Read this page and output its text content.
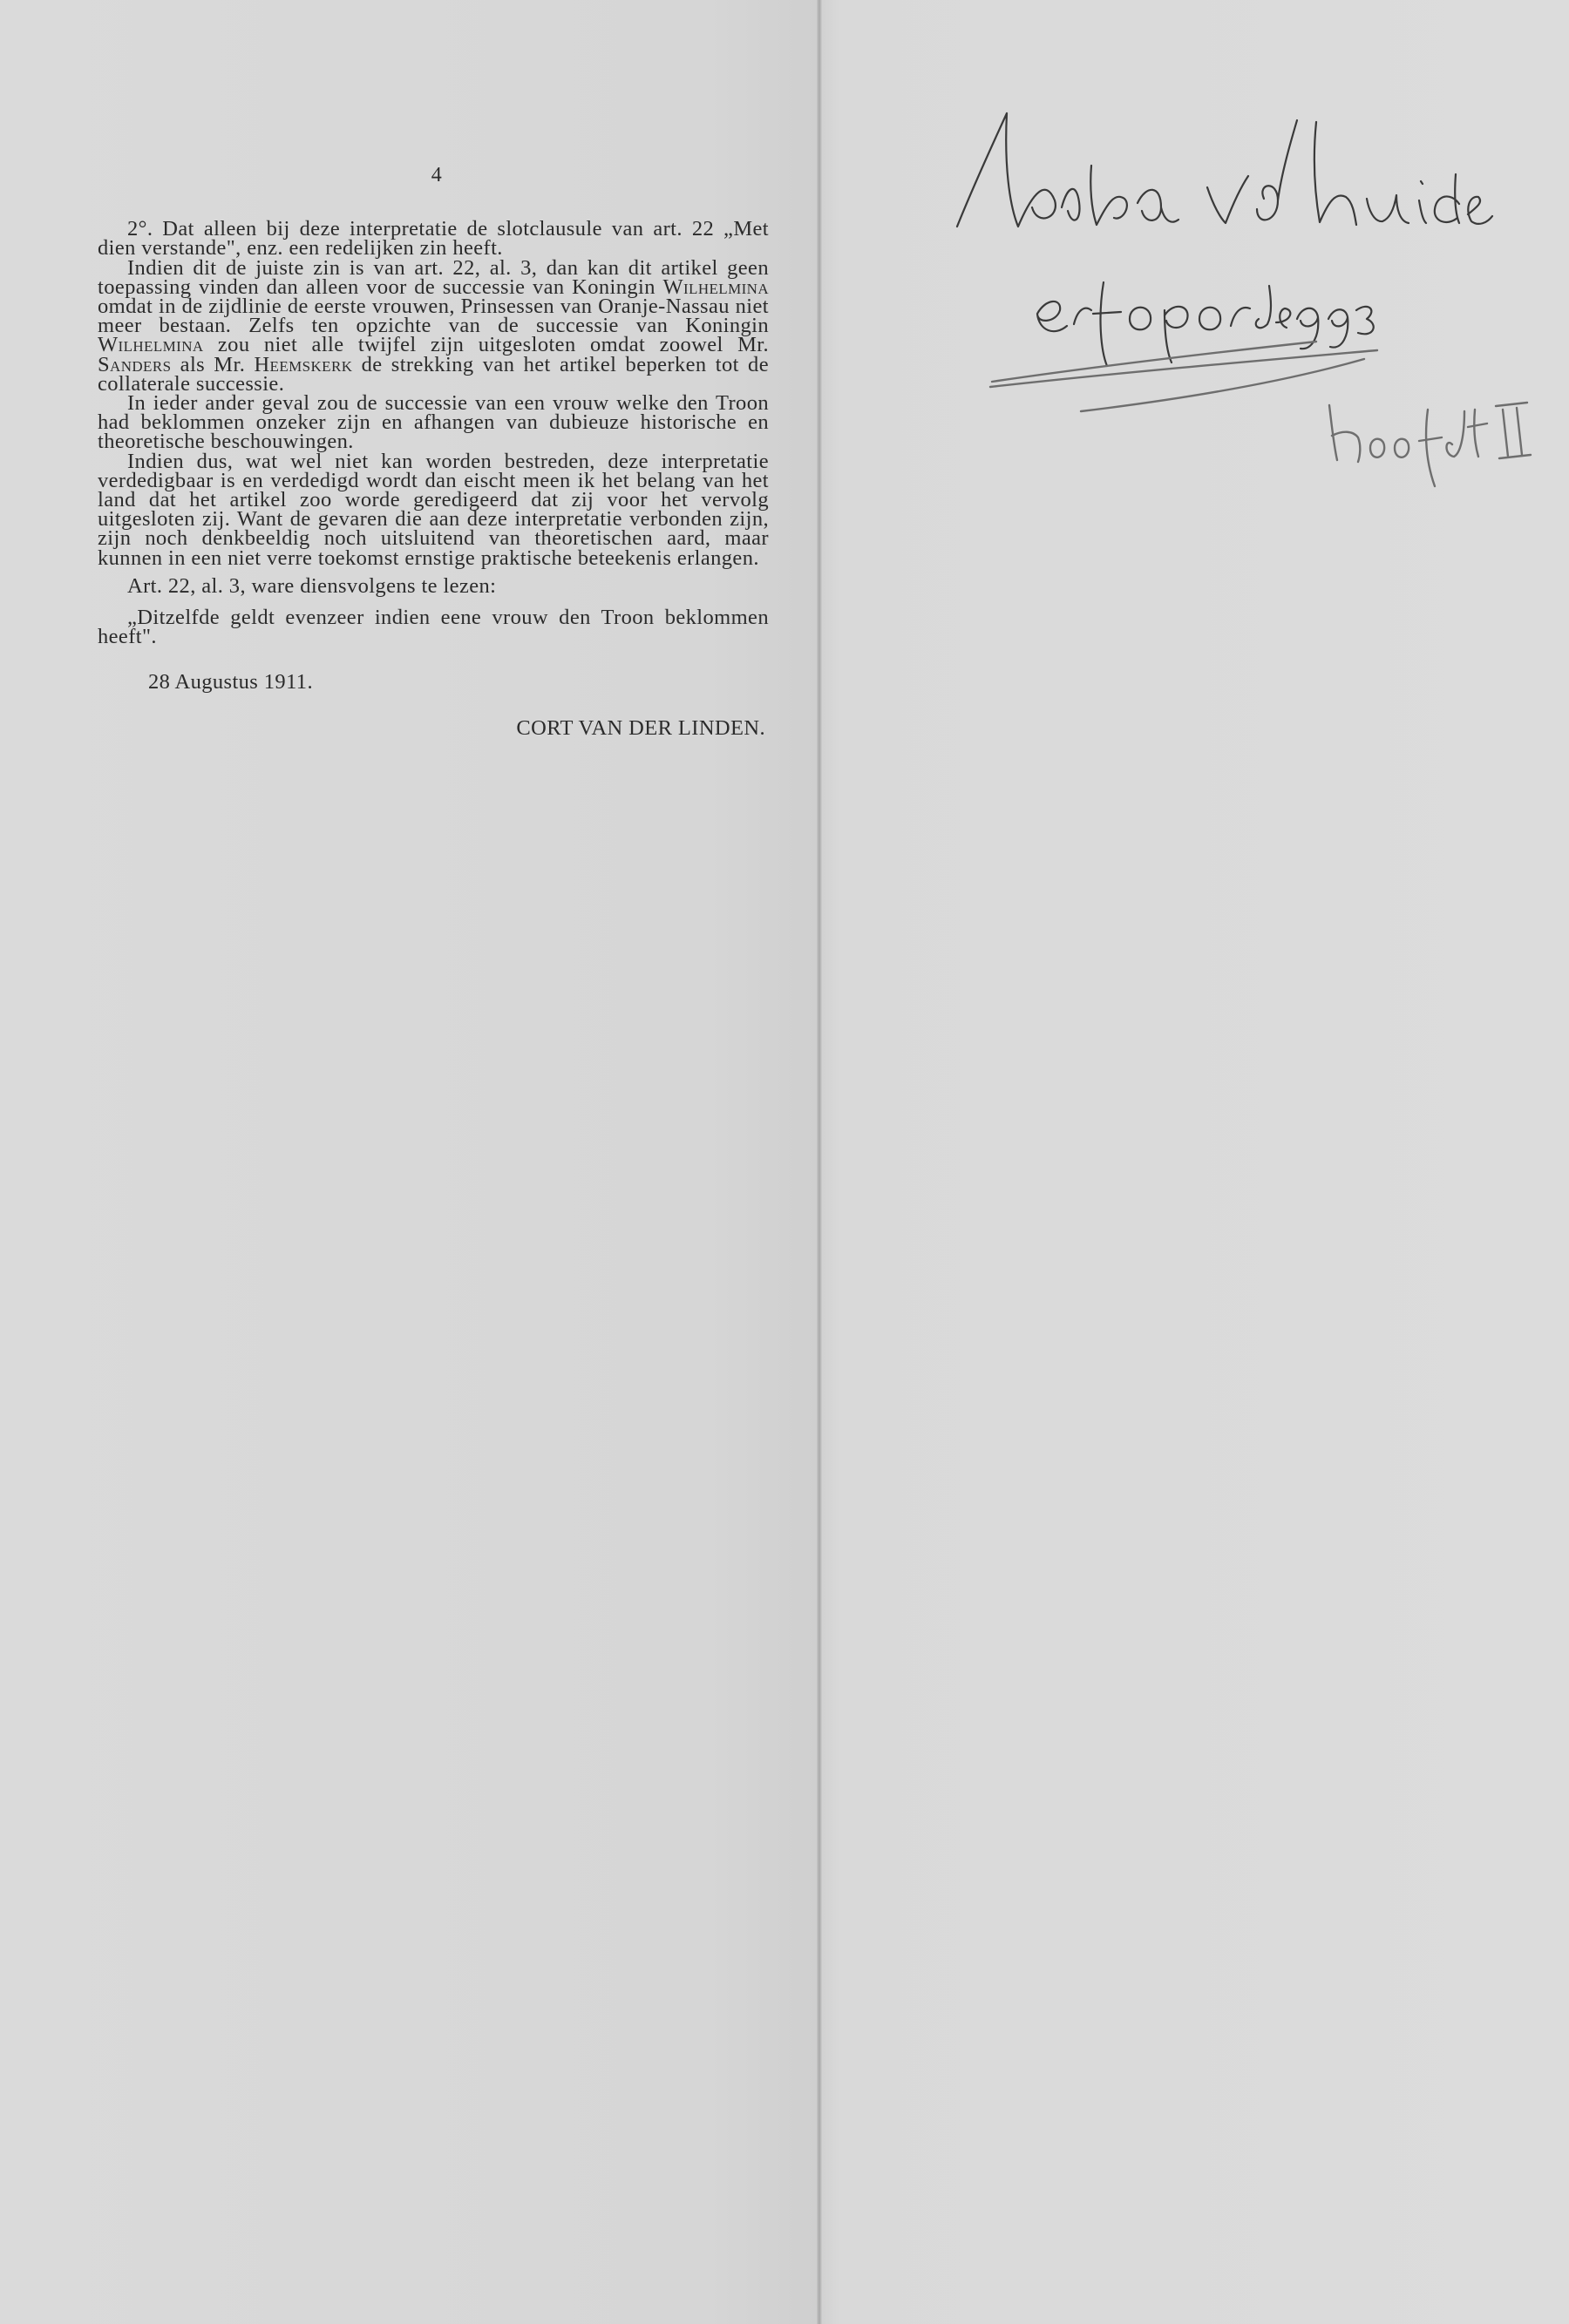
4

2°. Dat alleen bij deze interpretatie de slotclausule van art. 22 „Met dien verstande", enz. een redelijken zin heeft.

Indien dit de juiste zin is van art. 22, al. 3, dan kan dit artikel geen toepassing vinden dan alleen voor de successie van Koningin Wilhelmina omdat in de zijdlinie de eerste vrouwen, Prinsessen van Oranje-Nassau niet meer bestaan. Zelfs ten opzichte van de successie van Koningin Wilhelmina zou niet alle twijfel zijn uitgesloten omdat zoowel Mr. Sanders als Mr. Heemskerk de strekking van het artikel beperken tot de collaterale successie.

In ieder ander geval zou de successie van een vrouw welke den Troon had beklommen onzeker zijn en afhangen van dubieuze historische en theoretische beschouwingen.

Indien dus, wat wel niet kan worden bestreden, deze interpretatie verdedigbaar is en verdedigd wordt dan eischt meen ik het belang van het land dat het artikel zoo worde geredigeerd dat zij voor het vervolg uitgesloten zij. Want de gevaren die aan deze interpretatie verbonden zijn, zijn noch denkbeeldig noch uitsluitend van theoretischen aard, maar kunnen in een niet verre toekomst ernstige praktische beteekenis erlangen.

Art. 22, al. 3, ware diensvolgens te lezen:

„Ditzelfde geldt evenzeer indien eene vrouw den Troon beklommen heeft".

28 Augustus 1911.
CORT VAN DER LINDEN.
